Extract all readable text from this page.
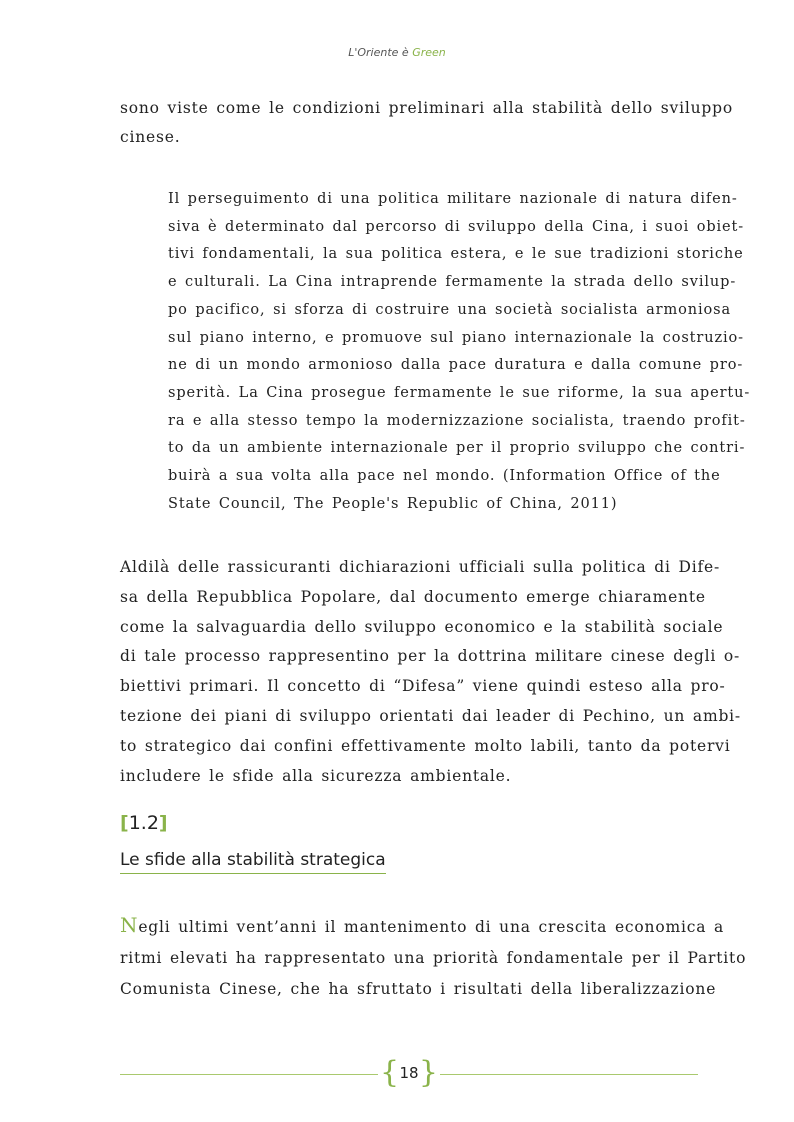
L'Oriente è Green

sono viste come le condizioni preliminari alla stabilità dello sviluppo
cinese.

Il perseguimento di una politica militare nazionale di natura difen-
siva è determinato dal percorso di sviluppo della Cina, i suoi obiet-
tivi fondamentali, la sua politica estera, e le sue tradizioni storiche
e culturali. La Cina intraprende fermamente la strada dello svilup-
po pacifico, si sforza di costruire una società socialista armoniosa
sul piano interno, e promuove sul piano internazionale la costruzio-
ne di un mondo armonioso dalla pace duratura e dalla comune pro-
sperità. La Cina prosegue fermamente le sue riforme, la sua apertu-
ra e alla stesso tempo la modernizzazione socialista, traendo profit-
to da un ambiente internazionale per il proprio sviluppo che contri-
buirà a sua volta alla pace nel mondo. (Information Office of the
State Council, The People's Republic of China, 2011)

Aldilà delle rassicuranti dichiarazioni ufficiali sulla politica di Dife-
sa della Repubblica Popolare, dal documento emerge chiaramente
come la salvaguardia dello sviluppo economico e la stabilità sociale
di tale processo rappresentino per la dottrina militare cinese degli o-
biettivi primari. Il concetto di “Difesa” viene quindi esteso alla pro-
tezione dei piani di sviluppo orientati dai leader di Pechino, un ambi-
to strategico dai confini effettivamente molto labili, tanto da potervi
includere le sfide alla sicurezza ambientale.

[1.2]
Le sfide alla stabilità strategica

Negli ultimi vent’anni il mantenimento di una crescita economica a
ritmi elevati ha rappresentato una priorità fondamentale per il Partito
Comunista Cinese, che ha sfruttato i risultati della liberalizzazione

{ 18 }
